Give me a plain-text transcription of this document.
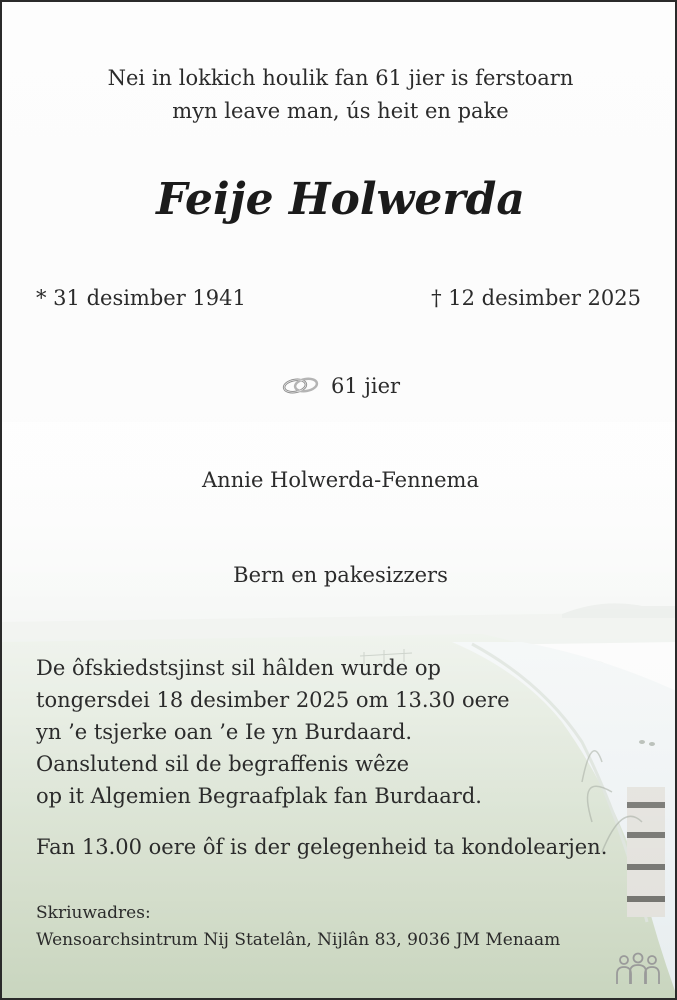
Nei in lokkich houlik fan 61 jier is ferstoarn
myn leave man, ús heit en pake

Feije Holwerda
* 31 desimber 1941	† 12 desimber 2025
61 jier
Annie Holwerda-Fennema
Bern en pakesizzers

De ôfskiedstsjinst sil hâlden wurde op
tongersdei 18 desimber 2025 om 13.30 oere
yn ’e tsjerke oan ’e Ie yn Burdaard.
Oanslutend sil de begraffenis wêze
op it Algemien Begraafplak fan Burdaard.

Fan 13.00 oere ôf is der gelegenheid ta kondolearjen.

Skriuwadres:
Wensoarchsintrum Nij Statelân, Nijlân 83, 9036 JM Menaam
